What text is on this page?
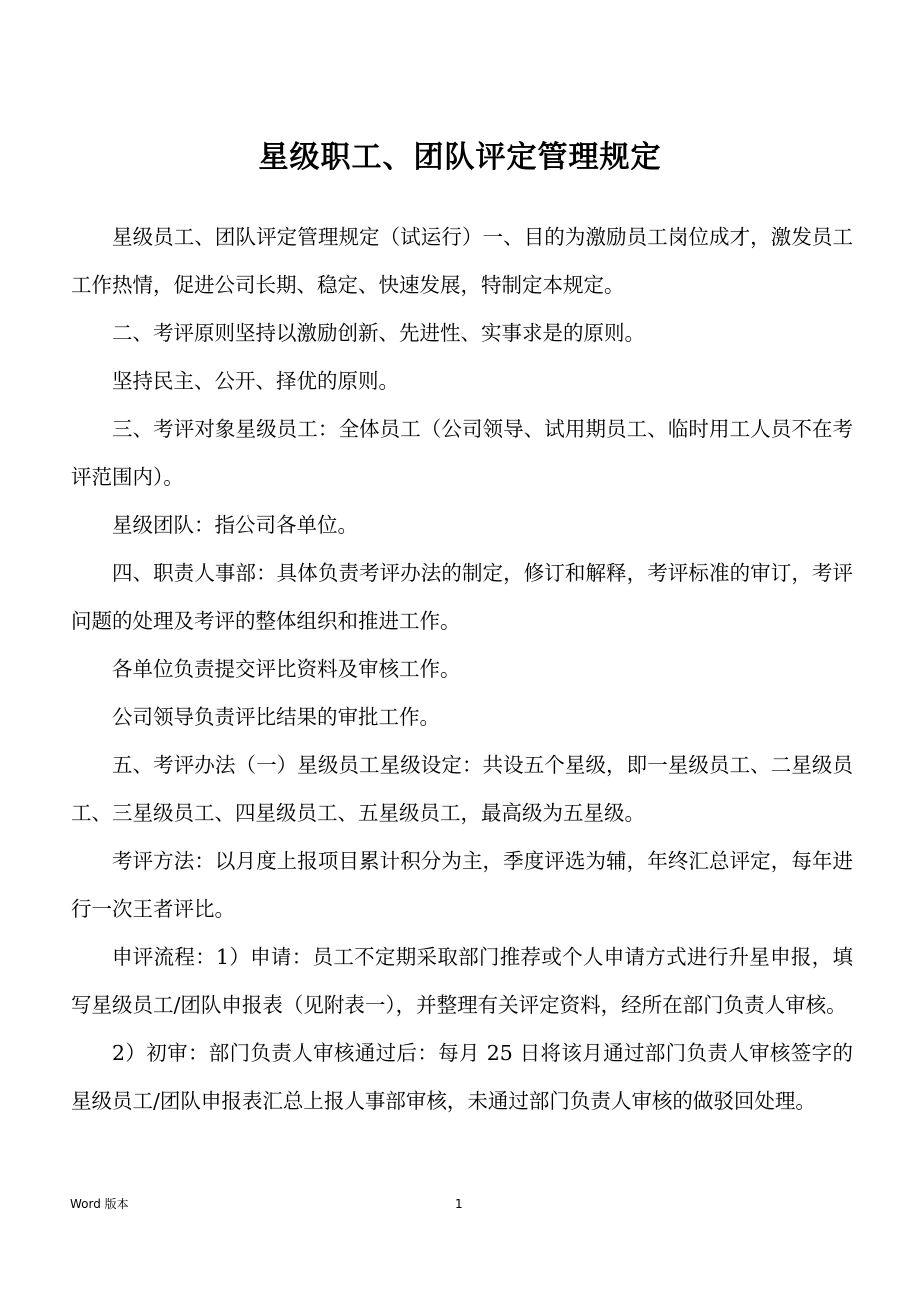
星级职工、团队评定管理规定

星级员工、团队评定管理规定（试运行）一、目的为激励员工岗位成才，激发员工工作热情，促进公司长期、稳定、快速发展，特制定本规定。

二、考评原则坚持以激励创新、先进性、实事求是的原则。

坚持民主、公开、择优的原则。

三、考评对象星级员工：全体员工（公司领导、试用期员工、临时用工人员不在考评范围内）。

星级团队：指公司各单位。

四、职责人事部：具体负责考评办法的制定，修订和解释，考评标准的审订，考评问题的处理及考评的整体组织和推进工作。

各单位负责提交评比资料及审核工作。

公司领导负责评比结果的审批工作。

五、考评办法（一）星级员工星级设定：共设五个星级，即一星级员工、二星级员工、三星级员工、四星级员工、五星级员工，最高级为五星级。

考评方法：以月度上报项目累计积分为主，季度评选为辅，年终汇总评定，每年进行一次王者评比。

申评流程：1）申请：员工不定期采取部门推荐或个人申请方式进行升星申报，填写星级员工/团队申报表（见附表一），并整理有关评定资料，经所在部门负责人审核。

2）初审：部门负责人审核通过后：每月 25 日将该月通过部门负责人审核签字的星级员工/团队申报表汇总上报人事部审核，未通过部门负责人审核的做驳回处理。

Word 版本	1
